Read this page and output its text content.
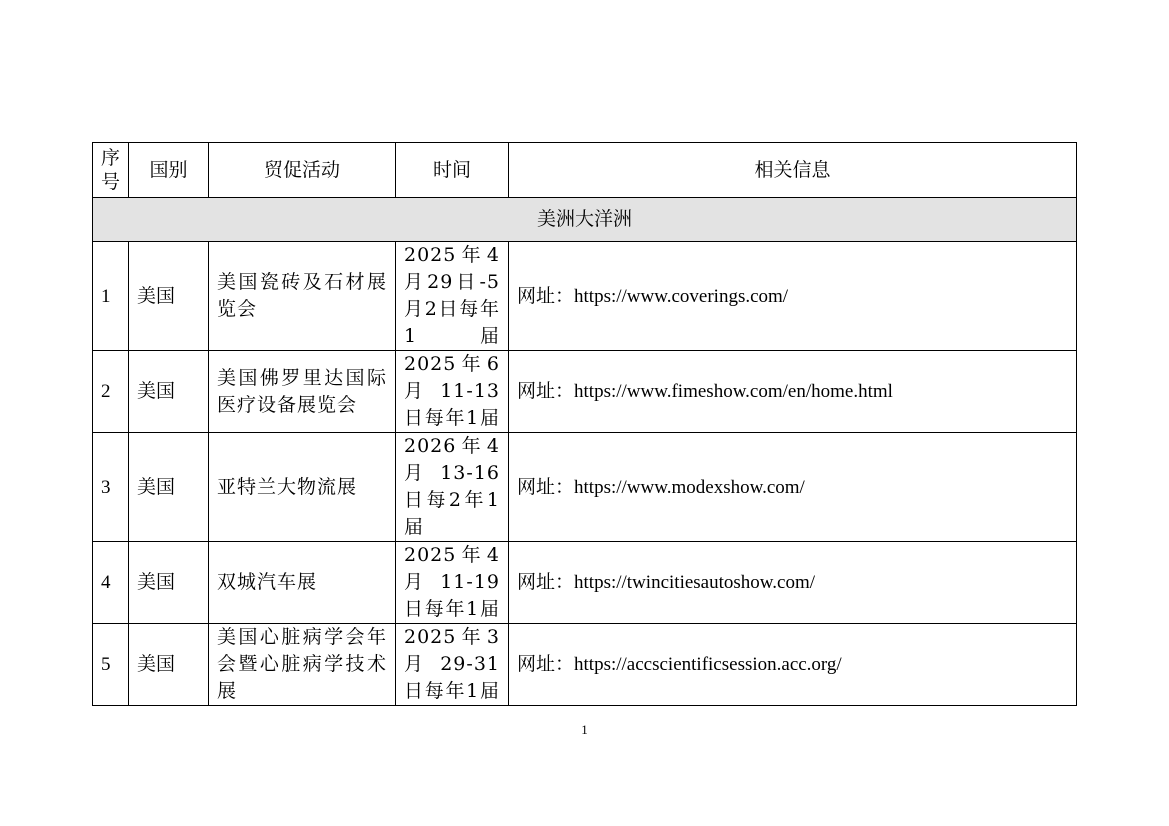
序号	国别	贸促活动	时间	相关信息
美洲大洋洲				
1	美国	美国瓷砖及石材展览会	2025年4月29日-5月2日每年1届	网址：https://www.coverings.com/
2	美国	美国佛罗里达国际医疗设备展览会	2025年6月11-13日每年1届	网址：https://www.fimeshow.com/en/home.html
3	美国	亚特兰大物流展	2026年4月13-16日每2年1届	网址：https://www.modexshow.com/
4	美国	双城汽车展	2025年4月11-19日每年1届	网址：https://twincitiesautoshow.com/
5	美国	美国心脏病学会年会暨心脏病学技术展	2025年3月29-31日每年1届	网址：https://accscientificsession.acc.org/
1
